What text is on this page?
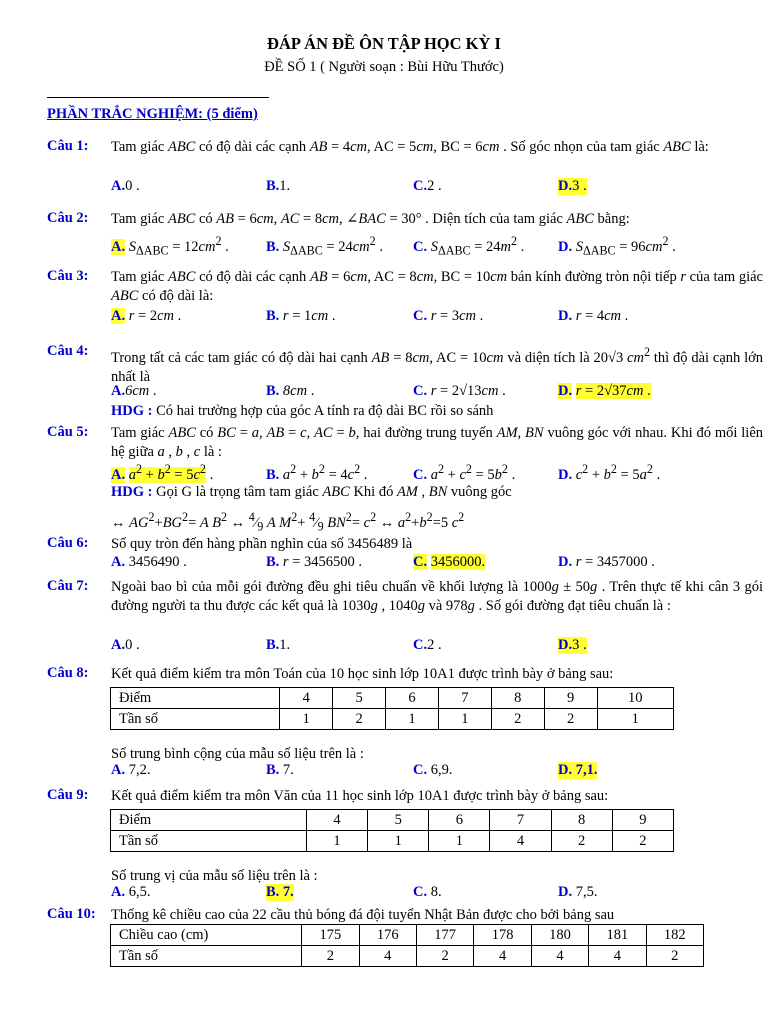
ĐÁP ÁN ĐỀ ÔN TẬP HỌC KỲ I
ĐỀ SỐ 1 ( Người soạn : Bùi Hữu Thước)
PHẦN TRẮC NGHIỆM: (5 điểm)
Câu 1: Tam giác ABC có độ dài các cạnh AB = 4cm, AC = 5cm, BC = 6cm . Số góc nhọn của tam giác ABC là:
A.0 .	B.1.	C.2 .	D.3 .
Câu 2: Tam giác ABC có AB = 6cm, AC = 8cm, ∠BAC = 30° . Diện tích của tam giác ABC bằng:
A. $S_{\Delta ABC} = 12cm^2$ .	B. $S_{\Delta ABC} = 24cm^2$ . C. $S_{\Delta ABC} = 24m^2$ . D. $S_{\Delta ABC} = 96cm^2$ .
Câu 3: Tam giác ABC có độ dài các cạnh AB = 6cm, AC = 8cm, BC = 10cm bán kính đường tròn nội tiếp r của tam giác ABC có độ dài là:
A. r = 2cm .	B. r = 1cm .	C. r = 3cm .	D. r = 4cm .
Câu 4: Trong tất cả các tam giác có độ dài hai cạnh AB = 8cm, AC = 10cm và diện tích là 20√3 $cm^2$ thì độ dài cạnh lớn nhất là
A.6cm .	B. 8cm .	C. r = 2√13cm .	D. r = 2√37cm .
HDG : Có hai trường hợp của góc A tính ra độ dài BC rồi so sánh
Câu 5: Tam giác ABC có BC = a, AB = c, AC = b, hai đường trung tuyến AM, BN vuông góc với nhau. Khi đó mối liên hệ giữa a , b , c là :
A. $a^2 + b^2 = 5c^2$ .	B. $a^2 + b^2 = 4c^2$ .	C. $a^2 + c^2 = 5b^2$ .	D. $c^2 + b^2 = 5a^2$ .
HDG : Gọi G là trọng tâm tam giác ABC Khi đó AM , BN vuông góc
↔ $AG^2+BG^2= A$ $B^2$ ↔ $^4⁄_9$ A $M^2+$ $^4⁄_9$ $BN^2= c^2$ ↔ $a^2+b^2=5$ $c^2$
Câu 6: Số quy tròn đến hàng phần nghìn của số 3456489 là
A. 3456490 .	B. r = 3456500 .	C. 3456000.	D. r = 3457000 .
Câu 7: Ngoài bao bì của mỗi gói đường đều ghi tiêu chuẩn về khối lượng là 1000g ± 50g . Trên thực tế khi cân 3 gói đường người ta thu được các kết quả là 1030g , 1040g và 978g . Số gói đường đạt tiêu chuẩn là :
A.0 .	B.1.	C.2 .	D.3 .
Câu 8: Kết quả điểm kiểm tra môn Toán của 10 học sinh lớp 10A1 được trình bày ở bảng sau:
Điểm	4	5	6	7	8	9	10
Tần số	1	2	1	1	2	2	1
Số trung bình cộng của mẫu số liệu trên là :
A. 7,2.	B. 7.	C. 6,9.	D. 7,1.
Câu 9: Kết quả điểm kiểm tra môn Văn của 11 học sinh lớp 10A1 được trình bày ở bảng sau:
Điểm	4	5	6	7	8	9
Tần số	1	1	1	4	2	2
Số trung vị của mẫu số liệu trên là :
A. 6,5.	B. 7.	C. 8.	D. 7,5.
Câu 10: Thống kê chiều cao của 22 cầu thủ bóng đá đội tuyển Nhật Bản được cho bởi bảng sau
Chiều cao (cm)	175	176	177	178	180	181	182
Tần số	2	4	2	4	4	4	2
